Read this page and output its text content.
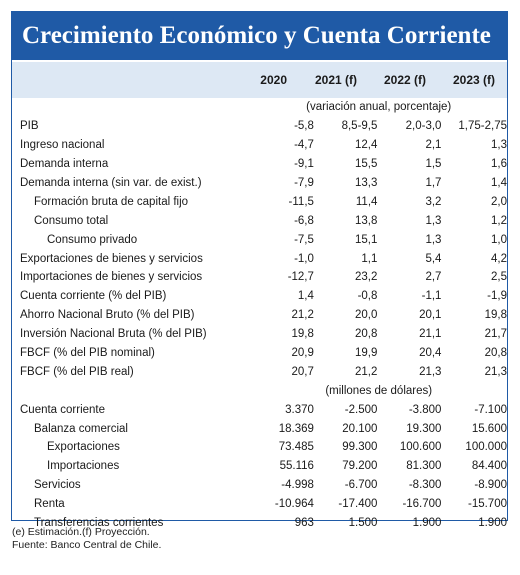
Crecimiento Económico y Cuenta Corriente
2020	2021 (f)	2022 (f)	2023 (f)
	(variación anual, porcentaje)			
PIB	-5,8	8,5-9,5	2,0-3,0	1,75-2,75
Ingreso nacional	-4,7	12,4	2,1	1,3
Demanda interna	-9,1	15,5	1,5	1,6
Demanda interna (sin var. de exist.)	-7,9	13,3	1,7	1,4
Formación bruta de capital fijo	-11,5	11,4	3,2	2,0
Consumo total	-6,8	13,8	1,3	1,2
Consumo privado	-7,5	15,1	1,3	1,0
Exportaciones de bienes y servicios	-1,0	1,1	5,4	4,2
Importaciones de bienes y servicios	-12,7	23,2	2,7	2,5
Cuenta corriente (% del PIB)	1,4	-0,8	-1,1	-1,9
Ahorro Nacional Bruto (% del PIB)	21,2	20,0	20,1	19,8
Inversión Nacional Bruta (% del PIB)	19,8	20,8	21,1	21,7
FBCF (% del PIB nominal)	20,9	19,9	20,4	20,8
FBCF (% del PIB real)	20,7	21,2	21,3	21,3
	(millones de dólares)			
Cuenta corriente	3.370	-2.500	-3.800	-7.100
Balanza comercial	18.369	20.100	19.300	15.600
Exportaciones	73.485	99.300	100.600	100.000
Importaciones	55.116	79.200	81.300	84.400
Servicios	-4.998	-6.700	-8.300	-8.900
Renta	-10.964	-17.400	-16.700	-15.700
Transferencias corrientes	963	1.500	1.900	1.900
(e) Estimación.(f) Proyección.
Fuente: Banco Central de Chile.
